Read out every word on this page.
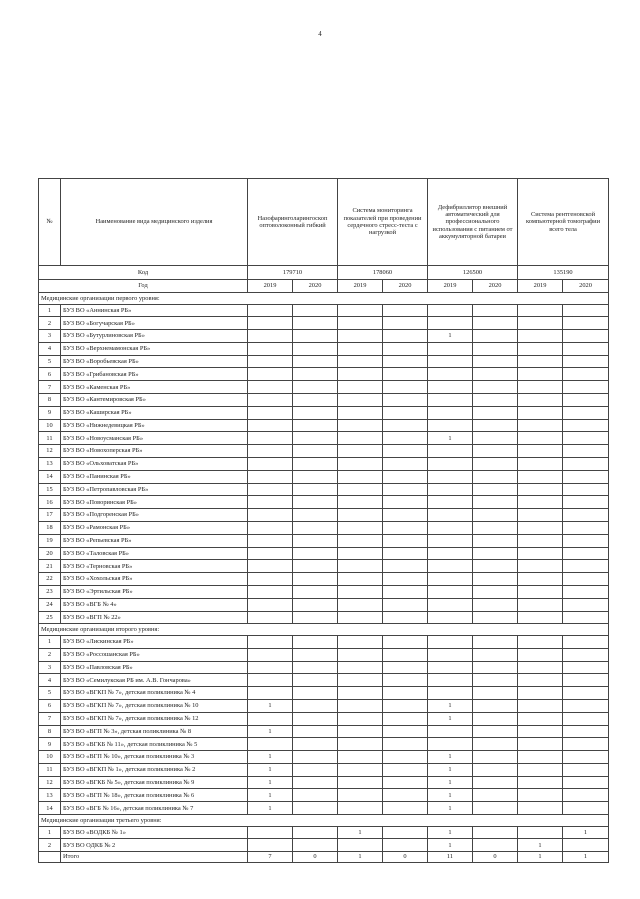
4
№	Наименование вида медицинского изделия	Назофаринголарингоскоп оптоволоконный гибкий		Система мониторинга показателей при проведении сердечного стресс-теста с нагрузкой		Дефибриллятор внешний автоматический для профессионального использования с питанием от аккумуляторной батареи		Система рентгеновской компьютерной томографии всего тела	
Код		179710		178060		126500		135190	
Год		2019	2020	2019	2020	2019	2020	2019	2020
Медицинские организации первого уровня:									
1	БУЗ ВО «Аннинская РБ»								
2	БУЗ ВО «Богучарская РБ»								
3	БУЗ ВО «Бутурлиновская РБ»					1			
4	БУЗ ВО «Верхнемамонская РБ»								
5	БУЗ ВО «Воробьевская РБ»								
6	БУЗ ВО «Грибановская РБ»								
7	БУЗ ВО «Каменская РБ»								
8	БУЗ ВО «Кантемировская РБ»								
9	БУЗ ВО «Каширская РБ»								
10	БУЗ ВО «Нижнедевицкая РБ»								
11	БУЗ ВО «Новоусманская РБ»					1			
12	БУЗ ВО «Новохоперская РБ»								
13	БУЗ ВО «Ольховатская РБ»								
14	БУЗ ВО «Панинская РБ»								
15	БУЗ ВО «Петропавловская РБ»								
16	БУЗ ВО «Поворинская РБ»								
17	БУЗ ВО «Подгоренская РБ»								
18	БУЗ ВО «Рамонская РБ»								
19	БУЗ ВО «Репьевская РБ»								
20	БУЗ ВО «Таловская РБ»								
21	БУЗ ВО «Терновская РБ»								
22	БУЗ ВО «Хохольская РБ»								
23	БУЗ ВО «Эртильская РБ»								
24	БУЗ ВО «ВГБ № 4»								
25	БУЗ ВО «ВГП № 22»								
Медицинские организации второго уровня:									
1	БУЗ ВО «Лискинская РБ»								
2	БУЗ ВО «Россошанская РБ»								
3	БУЗ ВО «Павловская РБ»								
4	БУЗ ВО «Семилукская РБ им. А.В. Гончарова»								
5	БУЗ ВО «ВГКП № 7», детская поликлиника № 4								
6	БУЗ ВО «ВГКП № 7», детская поликлиника № 10	1				1			
7	БУЗ ВО «ВГКП № 7», детская поликлиника № 12					1			
8	БУЗ ВО «ВГП № 3», детская поликлиника № 8	1							
9	БУЗ ВО «ВГКБ № 11», детская поликлиника № 5								
10	БУЗ ВО «ВГП № 10», детская поликлиника № 3	1				1			
11	БУЗ ВО «ВГКП № 1», детская поликлиника № 2	1				1			
12	БУЗ ВО «ВГКБ № 5», детская поликлиника № 9	1				1			
13	БУЗ ВО «ВГП № 18», детская поликлиника № 6	1				1			
14	БУЗ ВО «ВГБ № 16», детская поликлиника № 7	1				1			
Медицинские организации третьего уровня:									
1	БУЗ ВО «ВОДКБ № 1»			1		1			1
2	БУЗ ВО ОДКБ № 2					1		1	
	Итого	7	0	1	0	11	0	1	1
